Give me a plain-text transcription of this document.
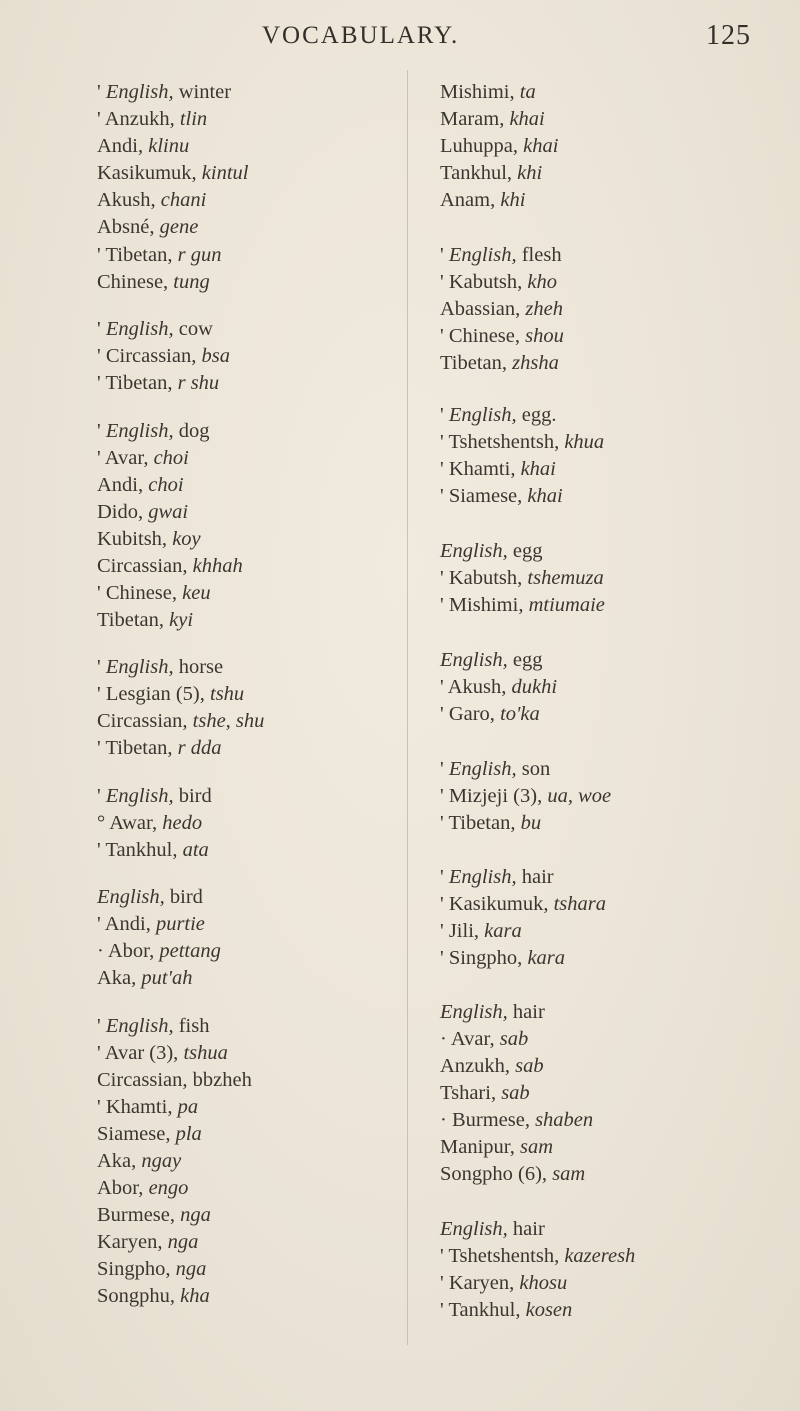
VOCABULARY.	125
' English, winter
' Anzukh, tlin
Andi, klinu
Kasikumuk, kintul
Akush, chani
Absné, gene
' Tibetan, r gun
Chinese, tung
' English, cow
' Circassian, bsa
' Tibetan, r shu
' English, dog
' Avar, choi
Andi, choi
Dido, gwai
Kubitsh, koy
Circassian, khhah
' Chinese, keu
Tibetan, kyi
' English, horse
' Lesgian (5), tshu
Circassian, tshe, shu
' Tibetan, r dda
' English, bird
° Awar, hedo
' Tankhul, ata
English, bird
' Andi, purtie
· Abor, pettang
Aka, put'ah
' English, fish
' Avar (3), tshua
Circassian, bbzheh
' Khamti, pa
Siamese, pla
Aka, ngay
Abor, engo
Burmese, nga
Karyen, nga
Singpho, nga
Songphu, kha
Mishimi, ta
Maram, khai
Luhuppa, khai
Tankhul, khi
Anam, khi
' English, flesh
' Kabutsh, kho
Abassian, zheh
' Chinese, shou
Tibetan, zhsha
' English, egg.
' Tshetshentsh, khua
' Khamti, khai
' Siamese, khai
English, egg
' Kabutsh, tshemuza
' Mishimi, mtiumaie
English, egg
' Akush, dukhi
' Garo, to'ka
' English, son
' Mizjeji (3), ua, woe
' Tibetan, bu
' English, hair
' Kasikumuk, tshara
' Jili, kara
' Singpho, kara
English, hair
· Avar, sab
Anzukh, sab
Tshari, sab
· Burmese, shaben
Manipur, sam
Songpho (6), sam
English, hair
' Tshetshentsh, kazeresh
' Karyen, khosu
' Tankhul, kosen
